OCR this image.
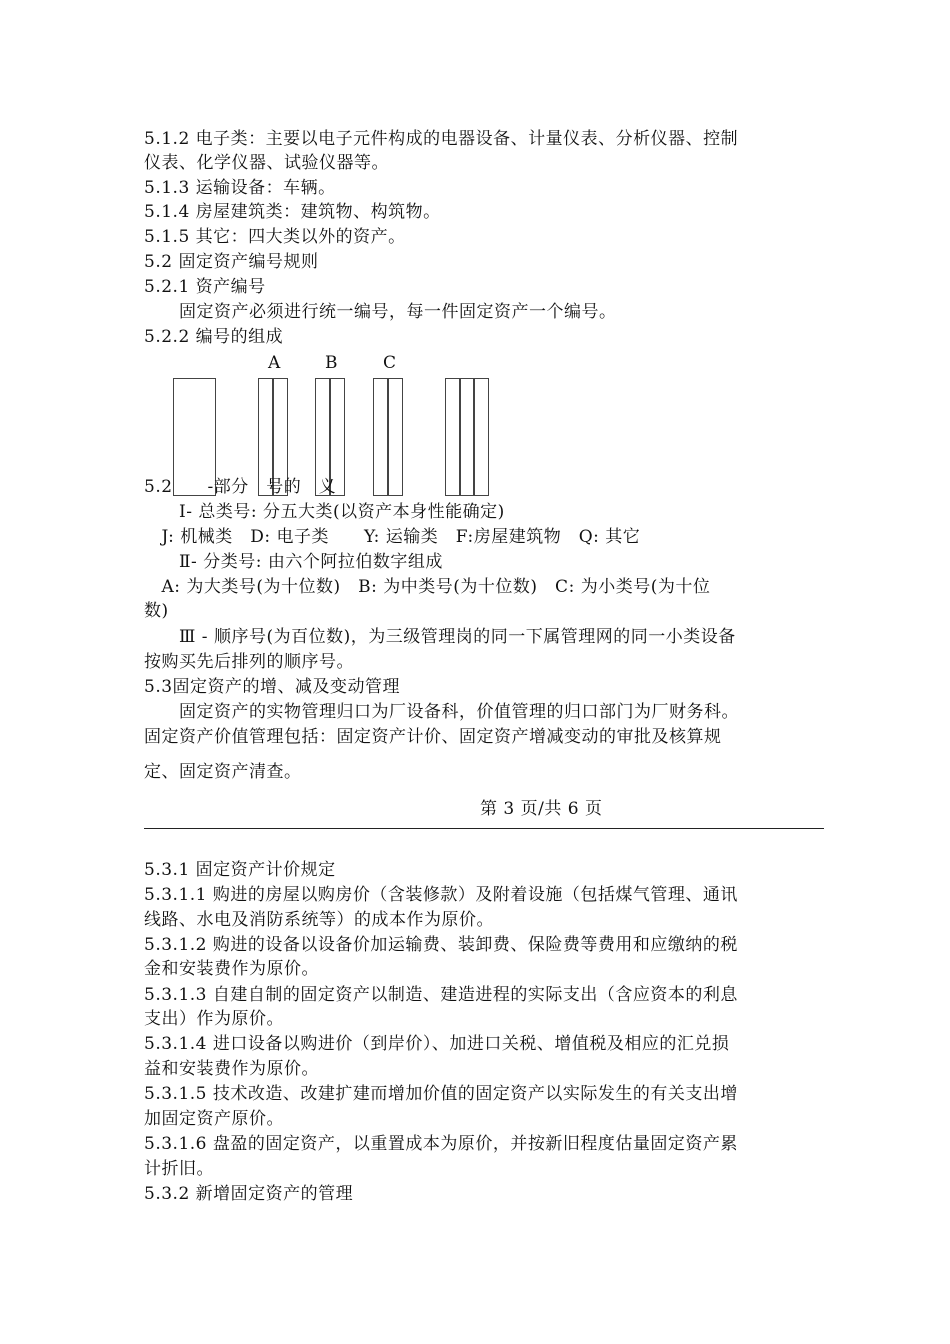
5.1.2 电子类：主要以电子元件构成的电器设备、计量仪表、分析仪器、控制
仪表、化学仪器、试验仪器等。
5.1.3 运输设备：车辆。
5.1.4 房屋建筑类：建筑物、构筑物。
5.1.5 其它：四大类以外的资产。
5.2 固定资产编号规则
5.2.1 资产编号
　　固定资产必须进行统一编号，每一件固定资产一个编号。
5.2.2 编号的组成
A	B	C
5.2　　-部分　号的　义
　　Ⅰ- 总类号: 分五大类(以资产本身性能确定)
　J: 机械类　D: 电子类　　Y: 运输类　F:房屋建筑物　Q: 其它
　　Ⅱ- 分类号: 由六个阿拉伯数字组成
　A: 为大类号(为十位数)　B: 为中类号(为十位数)　C: 为小类号(为十位
数)
　　Ⅲ - 顺序号(为百位数)，为三级管理岗的同一下属管理网的同一小类设备
按购买先后排列的顺序号。
5.3固定资产的增、减及变动管理
　　固定资产的实物管理归口为厂设备科，价值管理的归口部门为厂财务科。
固定资产价值管理包括：固定资产计价、固定资产增减变动的审批及核算规
定、固定资产清查。
第 3 页/共 6 页
5.3.1 固定资产计价规定
5.3.1.1 购进的房屋以购房价（含装修款）及附着设施（包括煤气管理、通讯
线路、水电及消防系统等）的成本作为原价。
5.3.1.2 购进的设备以设备价加运输费、装卸费、保险费等费用和应缴纳的税
金和安装费作为原价。
5.3.1.3 自建自制的固定资产以制造、建造进程的实际支出（含应资本的利息
支出）作为原价。
5.3.1.4 进口设备以购进价（到岸价）、加进口关税、增值税及相应的汇兑损
益和安装费作为原价。
5.3.1.5 技术改造、改建扩建而增加价值的固定资产以实际发生的有关支出增
加固定资产原价。
5.3.1.6 盘盈的固定资产，以重置成本为原价，并按新旧程度估量固定资产累
计折旧。
5.3.2 新增固定资产的管理
